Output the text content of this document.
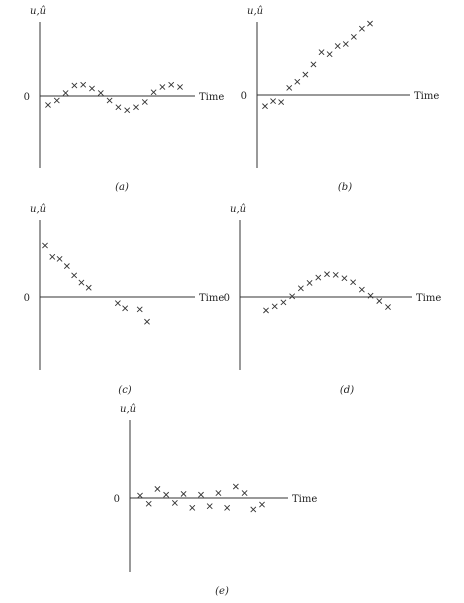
u,û
0	Time
(a)
u,û
0	Time
(b)
u,û
0	Time
(c)
u,û
0	Time
(d)
u,û
0	Time
(e)
